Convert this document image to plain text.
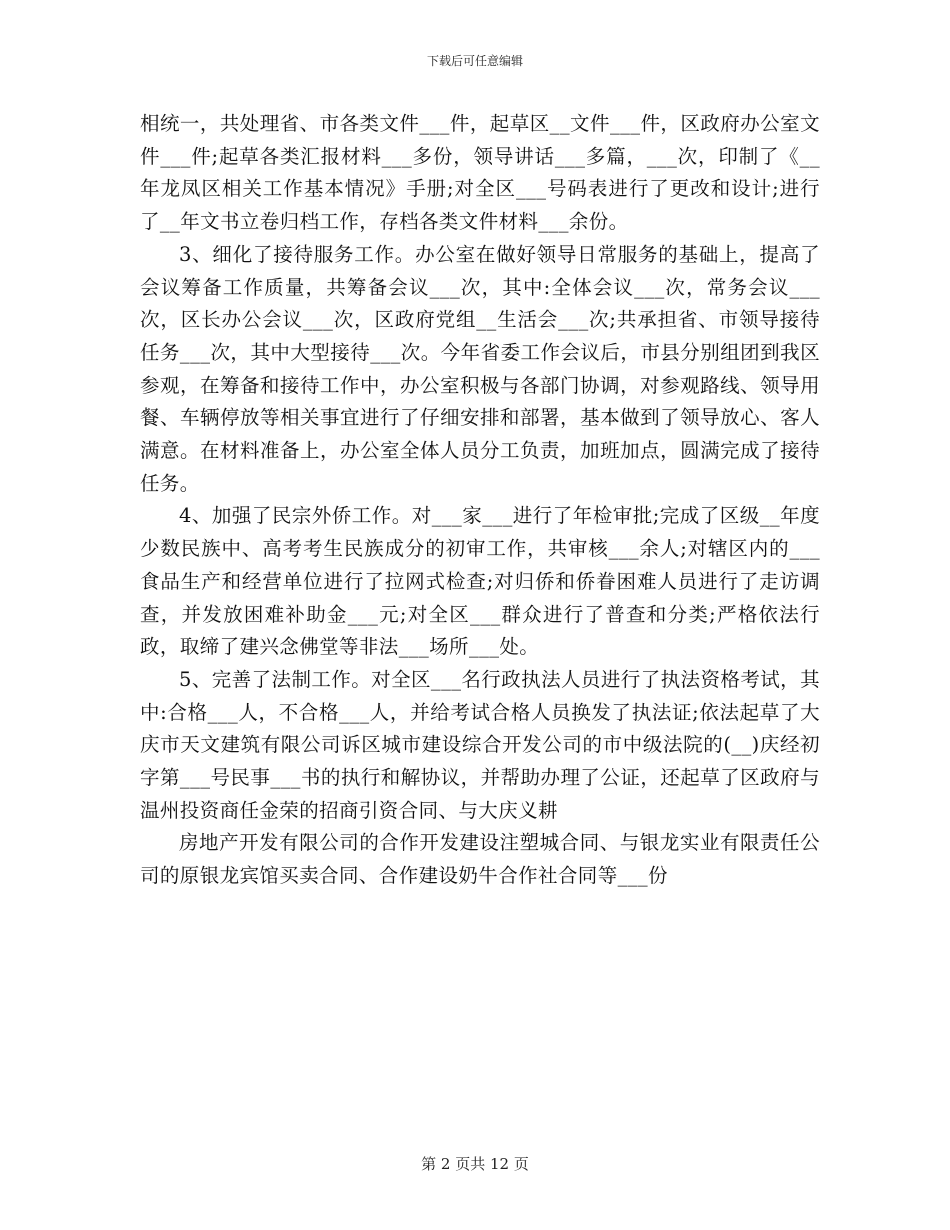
下载后可任意编辑

相统一，共处理省、市各类文件___件，起草区__文件___件，区政府办公室文件___件;起草各类汇报材料___多份，领导讲话___多篇，___次，印制了《__年龙凤区相关工作基本情况》手册;对全区___号码表进行了更改和设计;进行了__年文书立卷归档工作，存档各类文件材料___余份。

3、细化了接待服务工作。办公室在做好领导日常服务的基础上，提高了会议筹备工作质量，共筹备会议___次，其中:全体会议___次，常务会议___次，区长办公会议___次，区政府党组__生活会___次;共承担省、市领导接待任务___次，其中大型接待___次。今年省委工作会议后，市县分别组团到我区参观，在筹备和接待工作中，办公室积极与各部门协调，对参观路线、领导用餐、车辆停放等相关事宜进行了仔细安排和部署，基本做到了领导放心、客人满意。在材料准备上，办公室全体人员分工负责，加班加点，圆满完成了接待任务。

4、加强了民宗外侨工作。对___家___进行了年检审批;完成了区级__年度少数民族中、高考考生民族成分的初审工作，共审核___余人;对辖区内的___食品生产和经营单位进行了拉网式检查;对归侨和侨眷困难人员进行了走访调查，并发放困难补助金___元;对全区___群众进行了普查和分类;严格依法行政，取缔了建兴念佛堂等非法___场所___处。

5、完善了法制工作。对全区___名行政执法人员进行了执法资格考试，其中:合格___人，不合格___人，并给考试合格人员换发了执法证;依法起草了大庆市天文建筑有限公司诉区城市建设综合开发公司的市中级法院的(__)庆经初字第___号民事___书的执行和解协议，并帮助办理了公证，还起草了区政府与温州投资商任金荣的招商引资合同、与大庆义耕

房地产开发有限公司的合作开发建设注塑城合同、与银龙实业有限责任公司的原银龙宾馆买卖合同、合作建设奶牛合作社合同等___份

第 2 页共 12 页
